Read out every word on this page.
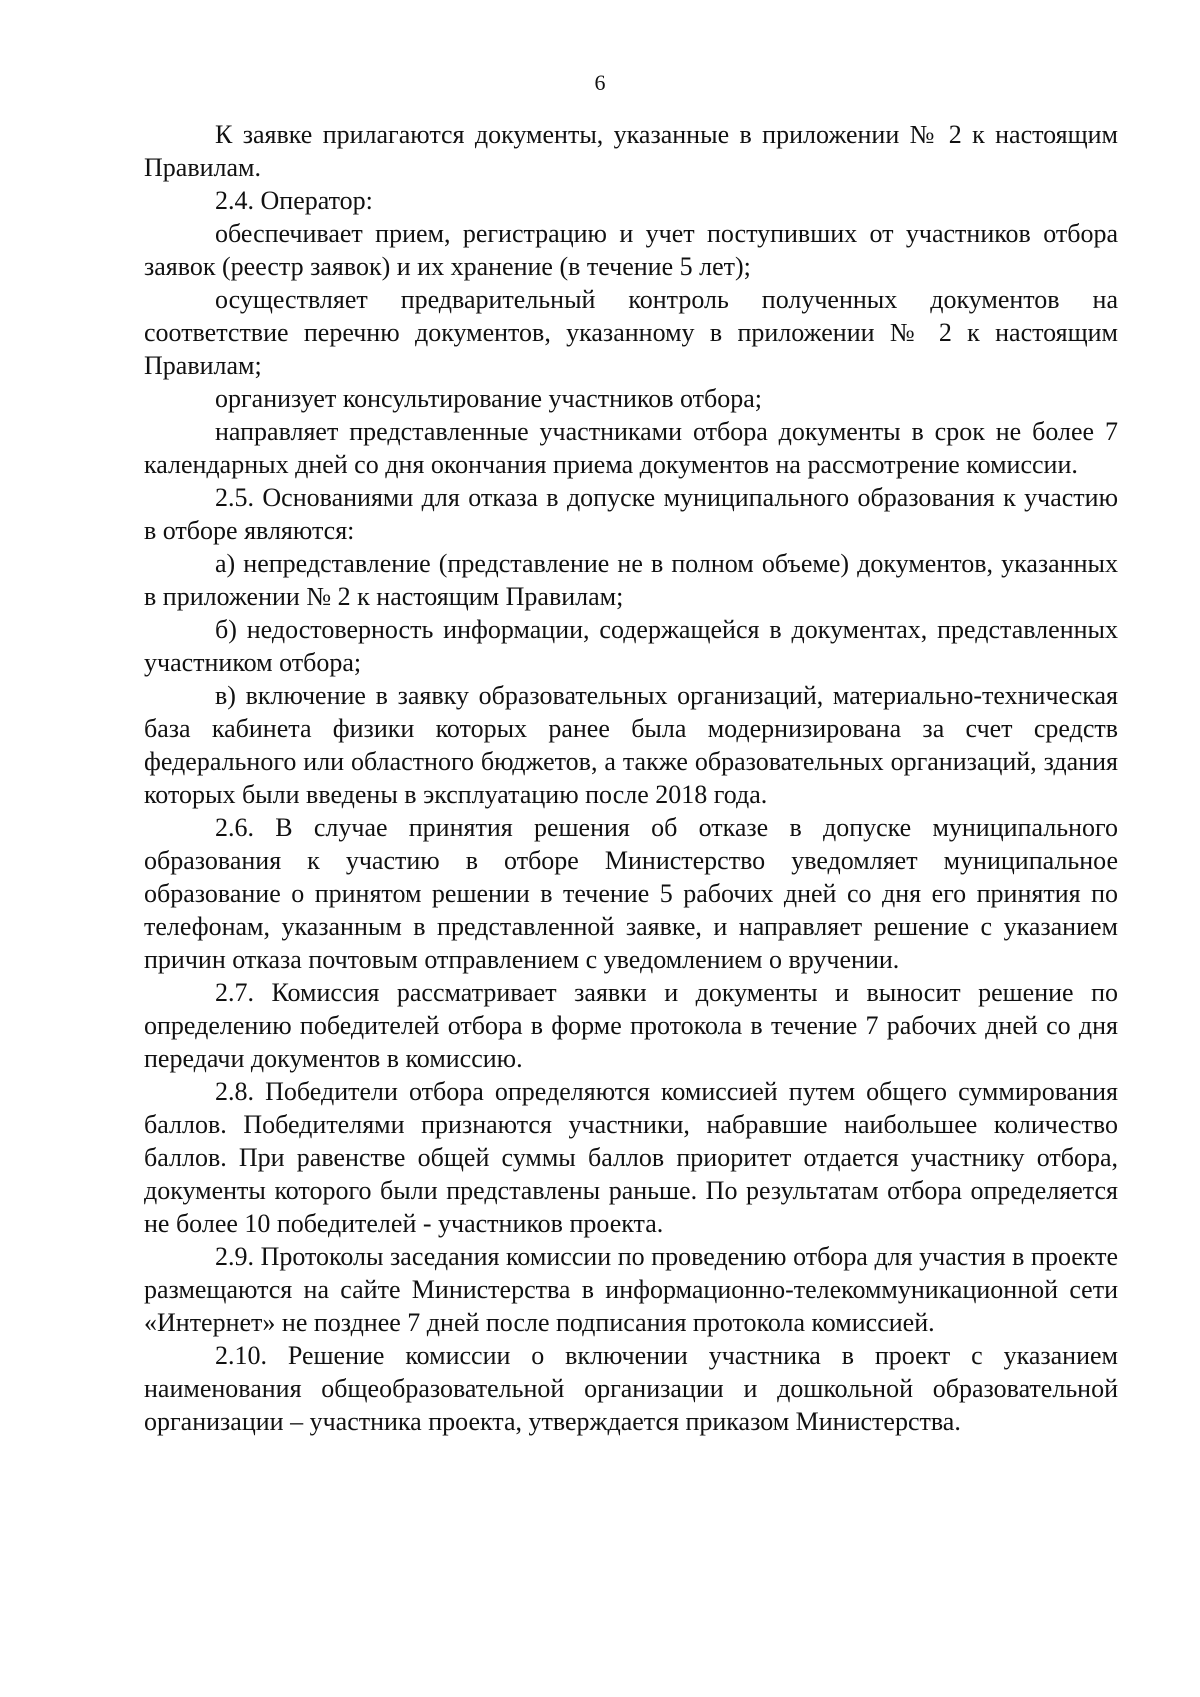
6

К заявке прилагаются документы, указанные в приложении № 2 к настоящим Правилам.

2.4. Оператор:

обеспечивает прием, регистрацию и учет поступивших от участников отбора заявок (реестр заявок) и их хранение (в течение 5 лет);

осуществляет предварительный контроль полученных документов на соответствие перечню документов, указанному в приложении № 2 к настоящим Правилам;

организует консультирование участников отбора;

направляет представленные участниками отбора документы в срок не более 7 календарных дней со дня окончания приема документов на рассмотрение комиссии.

2.5. Основаниями для отказа в допуске муниципального образования к участию в отборе являются:

а) непредставление (представление не в полном объеме) документов, указанных в приложении № 2 к настоящим Правилам;

б) недостоверность информации, содержащейся в документах, представленных участником отбора;

в) включение в заявку образовательных организаций, материально-техническая база кабинета физики которых ранее была модернизирована за счет средств федерального или областного бюджетов, а также образовательных организаций, здания которых были введены в эксплуатацию после 2018 года.

2.6. В случае принятия решения об отказе в допуске муниципального образования к участию в отборе Министерство уведомляет муниципальное образование о принятом решении в течение 5 рабочих дней со дня его принятия по телефонам, указанным в представленной заявке, и направляет решение с указанием причин отказа почтовым отправлением с уведомлением о вручении.

2.7. Комиссия рассматривает заявки и документы и выносит решение по определению победителей отбора в форме протокола в течение 7 рабочих дней со дня передачи документов в комиссию.

2.8. Победители отбора определяются комиссией путем общего суммирования баллов. Победителями признаются участники, набравшие наибольшее количество баллов. При равенстве общей суммы баллов приоритет отдается участнику отбора, документы которого были представлены раньше. По результатам отбора определяется не более 10 победителей - участников проекта.

2.9. Протоколы заседания комиссии по проведению отбора для участия в проекте размещаются на сайте Министерства в информационно-телекоммуникационной сети «Интернет» не позднее 7 дней после подписания протокола комиссией.

2.10. Решение комиссии о включении участника в проект с указанием наименования общеобразовательной организации и дошкольной образовательной организации – участника проекта, утверждается приказом Министерства.
